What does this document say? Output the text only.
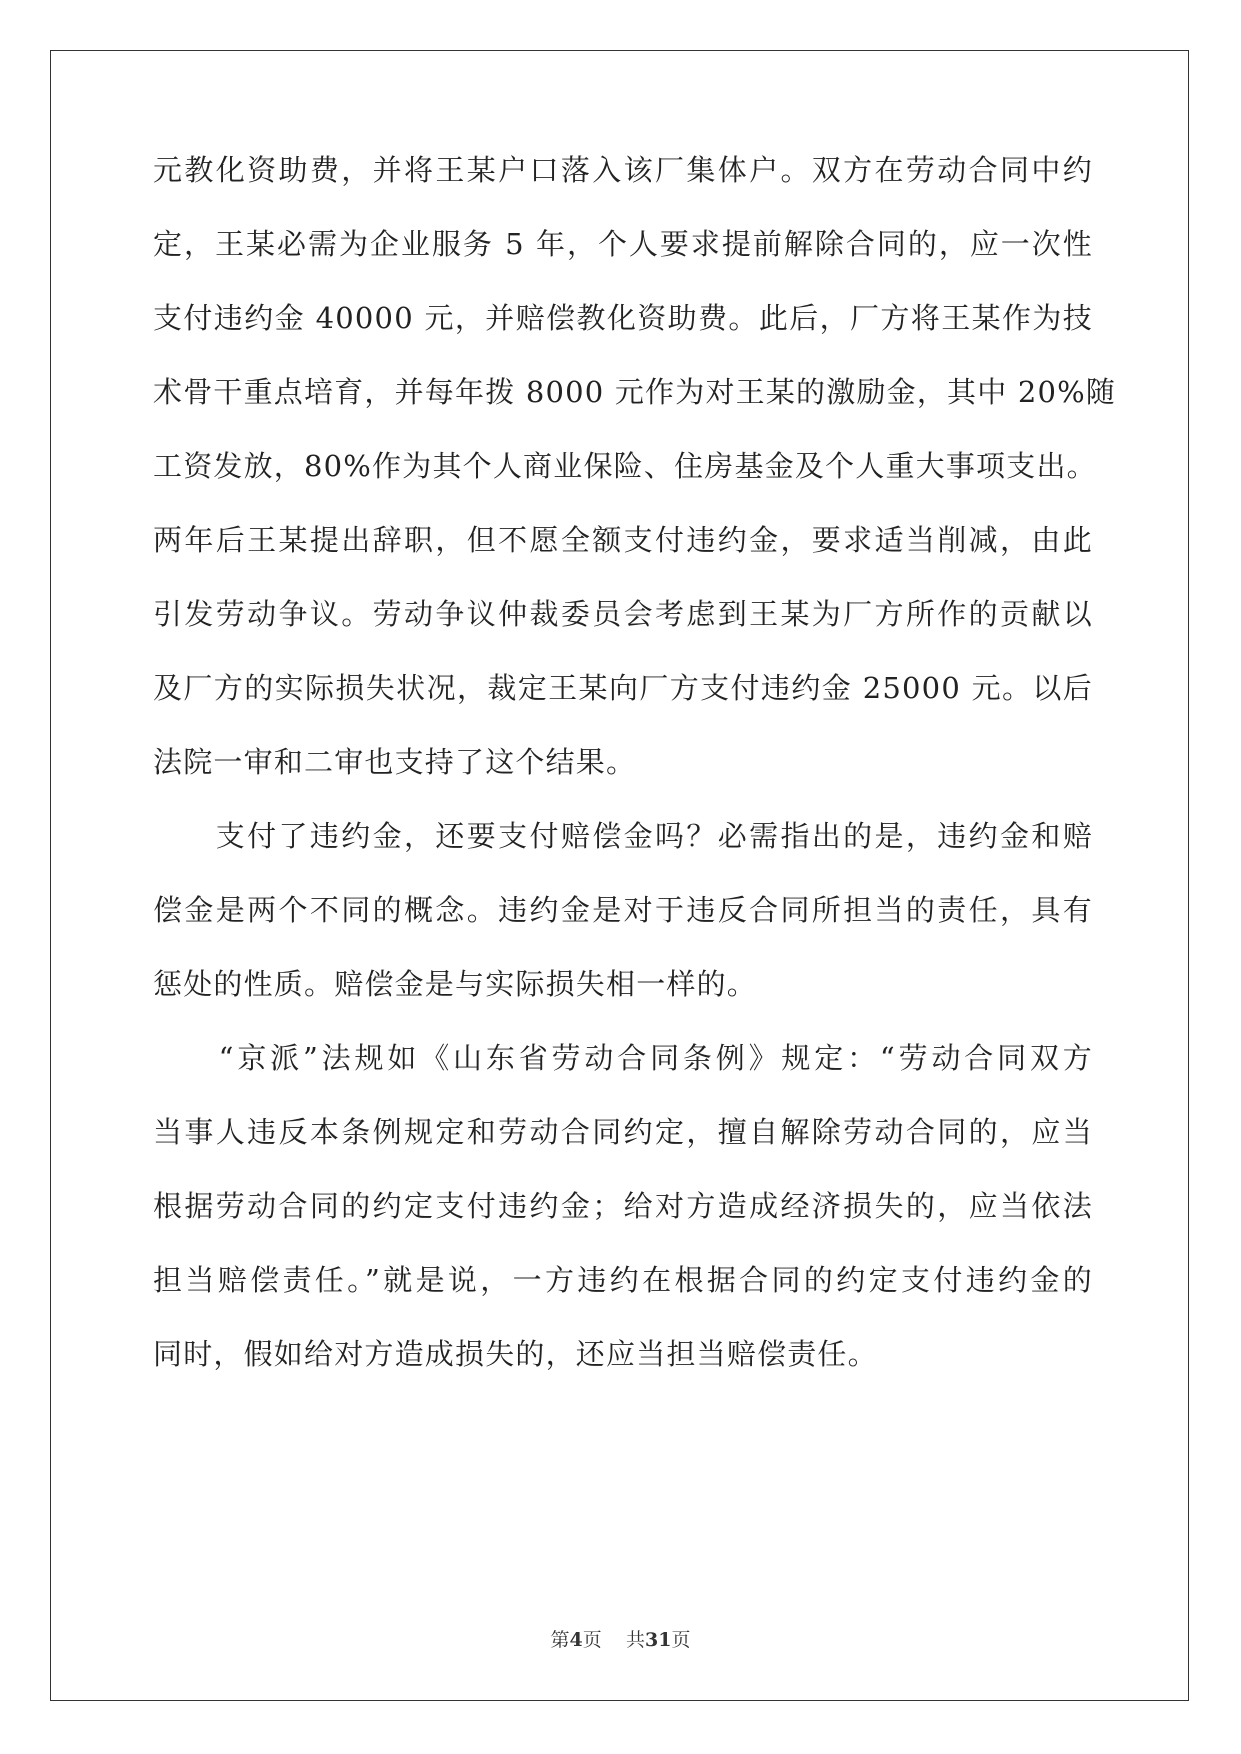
元教化资助费，并将王某户口落入该厂集体户。双方在劳动合同中约
定，王某必需为企业服务 5 年，个人要求提前解除合同的，应一次性
支付违约金 40000 元，并赔偿教化资助费。此后，厂方将王某作为技
术骨干重点培育，并每年拨 8000 元作为对王某的激励金，其中 20%随
工资发放，80%作为其个人商业保险、住房基金及个人重大事项支出。
两年后王某提出辞职，但不愿全额支付违约金，要求适当削减，由此
引发劳动争议。劳动争议仲裁委员会考虑到王某为厂方所作的贡献以
及厂方的实际损失状况，裁定王某向厂方支付违约金 25000 元。以后
法院一审和二审也支持了这个结果。
　　支付了违约金，还要支付赔偿金吗？必需指出的是，违约金和赔
偿金是两个不同的概念。违约金是对于违反合同所担当的责任，具有
惩处的性质。赔偿金是与实际损失相一样的。
　　“京派”法规如《山东省劳动合同条例》规定：“劳动合同双方
当事人违反本条例规定和劳动合同约定，擅自解除劳动合同的，应当
根据劳动合同的约定支付违约金；给对方造成经济损失的，应当依法
担当赔偿责任。”就是说，一方违约在根据合同的约定支付违约金的
同时，假如给对方造成损失的，还应当担当赔偿责任。
第4页 共31页
